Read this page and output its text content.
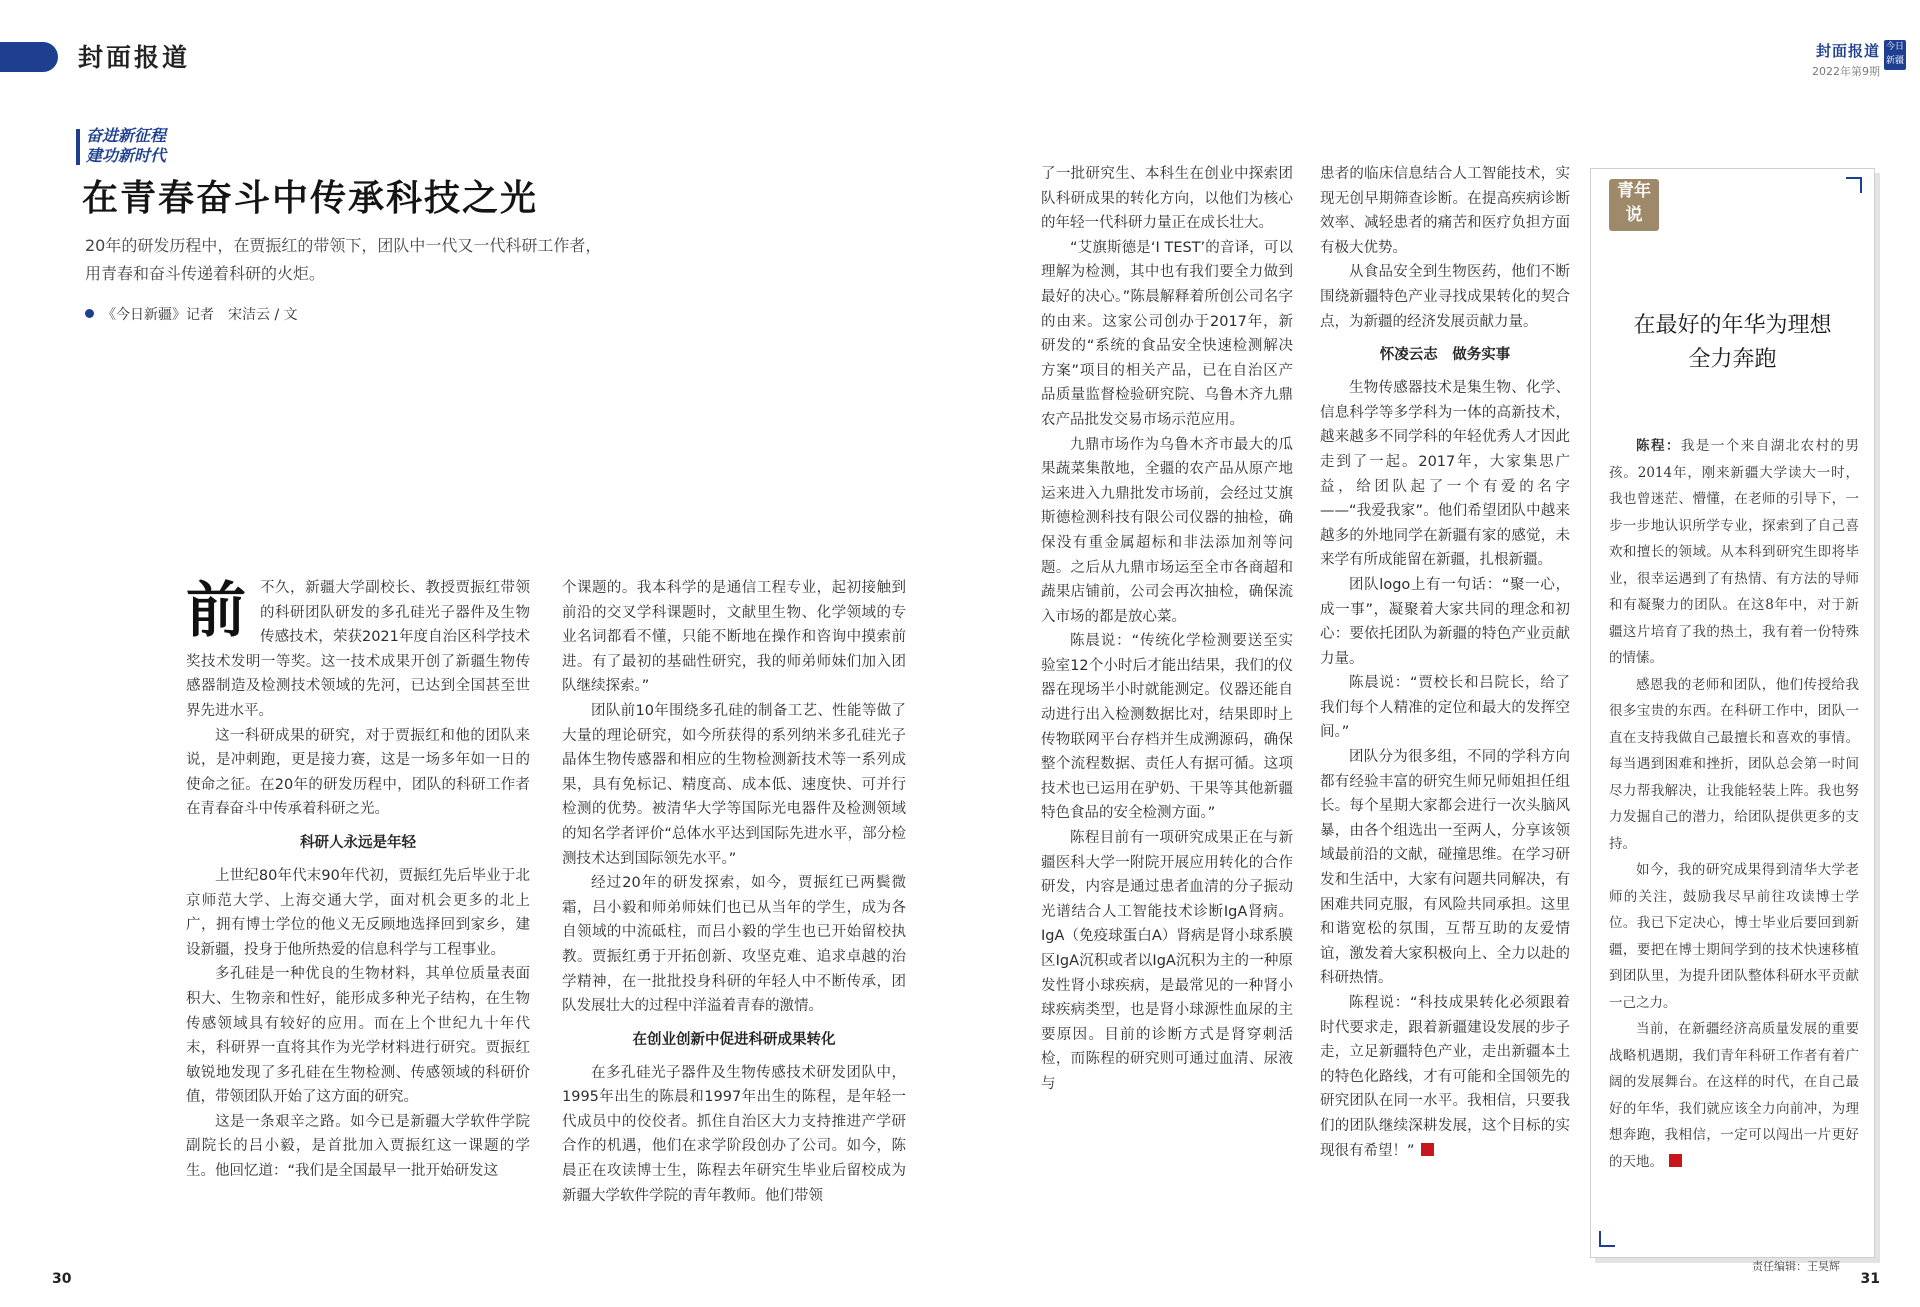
封面报道	封面报道
2022年第9期
今日新疆
奋进新征程
建功新时代
在青春奋斗中传承科技之光
20年的研发历程中，在贾振红的带领下，团队中一代又一代科研工作者，用青春和奋斗传递着科研的火炬。
《今日新疆》记者　宋洁云 / 文
前 不久，新疆大学副校长、教授贾振红带领的科研团队研发的多孔硅光子器件及生物传感技术，荣获2021年度自治区科学技术奖技术发明一等奖。这一技术成果开创了新疆生物传感器制造及检测技术领域的先河，已达到全国甚至世界先进水平。

这一科研成果的研究，对于贾振红和他的团队来说，是冲刺跑，更是接力赛，这是一场多年如一日的使命之征。在20年的研发历程中，团队的科研工作者在青春奋斗中传承着科研之光。

科研人永远是年轻

上世纪80年代末90年代初，贾振红先后毕业于北京师范大学、上海交通大学，面对机会更多的北上广，拥有博士学位的他义无反顾地选择回到家乡，建设新疆，投身于他所热爱的信息科学与工程事业。

多孔硅是一种优良的生物材料，其单位质量表面积大、生物亲和性好，能形成多种光子结构，在生物传感领域具有较好的应用。而在上个世纪九十年代末，科研界一直将其作为光学材料进行研究。贾振红敏锐地发现了多孔硅在生物检测、传感领域的科研价值，带领团队开始了这方面的研究。

这是一条艰辛之路。如今已是新疆大学软件学院副院长的吕小毅，是首批加入贾振红这一课题的学生。他回忆道：“我们是全国最早一批开始研发这

个课题的。我本科学的是通信工程专业，起初接触到前沿的交叉学科课题时，文献里生物、化学领域的专业名词都看不懂，只能不断地在操作和咨询中摸索前进。有了最初的基础性研究，我的师弟师妹们加入团队继续探索。”

团队前10年围绕多孔硅的制备工艺、性能等做了大量的理论研究，如今所获得的系列纳米多孔硅光子晶体生物传感器和相应的生物检测新技术等一系列成果，具有免标记、精度高、成本低、速度快、可并行检测的优势。被清华大学等国际光电器件及检测领域的知名学者评价“总体水平达到国际先进水平，部分检测技术达到国际领先水平。”

经过20年的研发探索，如今，贾振红已两鬓微霜，吕小毅和师弟师妹们也已从当年的学生，成为各自领域的中流砥柱，而吕小毅的学生也已开始留校执教。贾振红勇于开拓创新、攻坚克难、追求卓越的治学精神，在一批批投身科研的年轻人中不断传承，团队发展壮大的过程中洋溢着青春的激情。

在创业创新中促进科研成果转化

在多孔硅光子器件及生物传感技术研发团队中，1995年出生的陈晨和1997年出生的陈程，是年轻一代成员中的佼佼者。抓住自治区大力支持推进产学研合作的机遇，他们在求学阶段创办了公司。如今，陈晨正在攻读博士生，陈程去年研究生毕业后留校成为新疆大学软件学院的青年教师。他们带领

了一批研究生、本科生在创业中探索团队科研成果的转化方向，以他们为核心的年轻一代科研力量正在成长壮大。

“艾旗斯德是‘I TEST’的音译，可以理解为检测，其中也有我们要全力做到最好的决心。”陈晨解释着所创公司名字的由来。这家公司创办于2017年，新研发的“系统的食品安全快速检测解决方案”项目的相关产品，已在自治区产品质量监督检验研究院、乌鲁木齐九鼎农产品批发交易市场示范应用。

九鼎市场作为乌鲁木齐市最大的瓜果蔬菜集散地，全疆的农产品从原产地运来进入九鼎批发市场前，会经过艾旗斯德检测科技有限公司仪器的抽检，确保没有重金属超标和非法添加剂等问题。之后从九鼎市场运至全市各商超和蔬果店铺前，公司会再次抽检，确保流入市场的都是放心菜。

陈晨说：“传统化学检测要送至实验室12个小时后才能出结果，我们的仪器在现场半小时就能测定。仪器还能自动进行出入检测数据比对，结果即时上传物联网平台存档并生成溯源码，确保整个流程数据、责任人有据可循。这项技术也已运用在驴奶、干果等其他新疆特色食品的安全检测方面。”

陈程目前有一项研究成果正在与新疆医科大学一附院开展应用转化的合作研发，内容是通过患者血清的分子振动光谱结合人工智能技术诊断IgA肾病。IgA（免疫球蛋白A）肾病是肾小球系膜区IgA沉积或者以IgA沉积为主的一种原发性肾小球疾病，是最常见的一种肾小球疾病类型，也是肾小球源性血尿的主要原因。目前的诊断方式是肾穿刺活检，而陈程的研究则可通过血清、尿液与

患者的临床信息结合人工智能技术，实现无创早期筛查诊断。在提高疾病诊断效率、减轻患者的痛苦和医疗负担方面有极大优势。

从食品安全到生物医药，他们不断围绕新疆特色产业寻找成果转化的契合点，为新疆的经济发展贡献力量。

怀凌云志　做务实事

生物传感器技术是集生物、化学、信息科学等多学科为一体的高新技术，越来越多不同学科的年轻优秀人才因此走到了一起。2017年，大家集思广益，给团队起了一个有爱的名字——“我爱我家”。他们希望团队中越来越多的外地同学在新疆有家的感觉，未来学有所成能留在新疆，扎根新疆。

团队logo上有一句话：“聚一心，成一事”，凝聚着大家共同的理念和初心：要依托团队为新疆的特色产业贡献力量。

陈晨说：“贾校长和吕院长，给了我们每个人精准的定位和最大的发挥空间。”

团队分为很多组，不同的学科方向都有经验丰富的研究生师兄师姐担任组长。每个星期大家都会进行一次头脑风暴，由各个组选出一至两人，分享该领域最前沿的文献，碰撞思维。在学习研发和生活中，大家有问题共同解决，有困难共同克服，有风险共同承担。这里和谐宽松的氛围，互帮互助的友爱情谊，激发着大家积极向上、全力以赴的科研热情。

陈程说：“科技成果转化必须跟着时代要求走，跟着新疆建设发展的步子走，立足新疆特色产业，走出新疆本土的特色化路线，才有可能和全国领先的研究团队在同一水平。我相信，只要我们的团队继续深耕发展，这个目标的实现很有希望！”

青年说
在最好的年华为理想
全力奔跑

陈程：我是一个来自湖北农村的男孩。2014年，刚来新疆大学读大一时，我也曾迷茫、懵懂，在老师的引导下，一步一步地认识所学专业，探索到了自己喜欢和擅长的领域。从本科到研究生即将毕业，很幸运遇到了有热情、有方法的导师和有凝聚力的团队。在这8年中，对于新疆这片培育了我的热土，我有着一份特殊的情愫。

感恩我的老师和团队，他们传授给我很多宝贵的东西。在科研工作中，团队一直在支持我做自己最擅长和喜欢的事情。每当遇到困难和挫折，团队总会第一时间尽力帮我解决，让我能轻装上阵。我也努力发掘自己的潜力，给团队提供更多的支持。

如今，我的研究成果得到清华大学老师的关注，鼓励我尽早前往攻读博士学位。我已下定决心，博士毕业后要回到新疆，要把在博士期间学到的技术快速移植到团队里，为提升团队整体科研水平贡献一己之力。

当前，在新疆经济高质量发展的重要战略机遇期，我们青年科研工作者有着广阔的发展舞台。在这样的时代，在自己最好的年华，我们就应该全力向前冲，为理想奔跑，我相信，一定可以闯出一片更好的天地。

30	31
责任编辑：王昊辉
